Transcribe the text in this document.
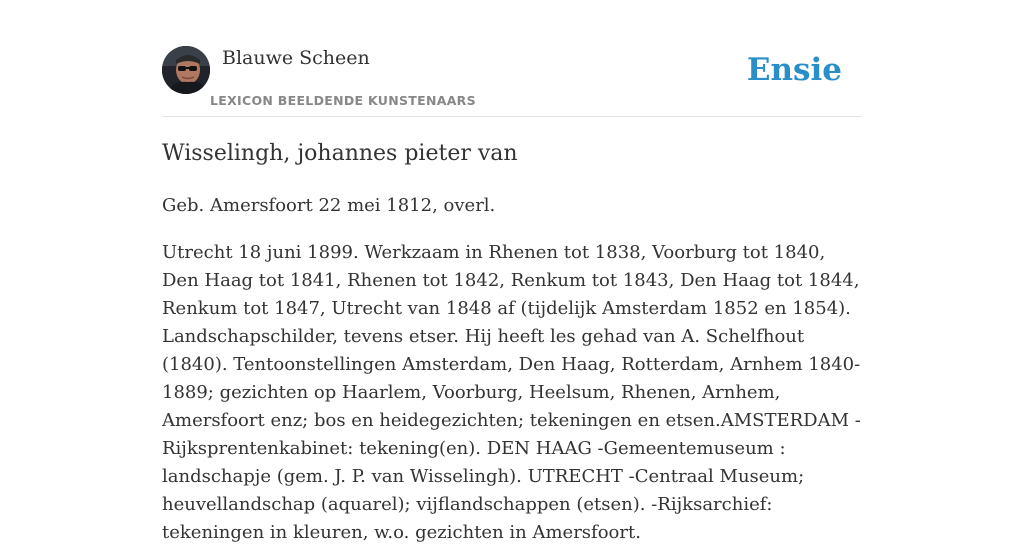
Blauwe Scheen
LEXICON BEELDENDE KUNSTENAARS
Ensie
Wisselingh, johannes pieter van

Geb. Amersfoort 22 mei 1812, overl.

Utrecht 18 juni 1899. Werkzaam in Rhenen tot 1838, Voorburg tot 1840, Den Haag tot 1841, Rhenen tot 1842, Renkum tot 1843, Den Haag tot 1844, Renkum tot 1847, Utrecht van 1848 af (tijdelijk Amsterdam 1852 en 1854). Landschapschilder, tevens etser. Hij heeft les gehad van A. Schelfhout (1840). Tentoonstellingen Amsterdam, Den Haag, Rotterdam, Arnhem 1840-1889; gezichten op Haarlem, Voorburg, Heelsum, Rhenen, Arnhem, Amersfoort enz; bos en heidegezichten; tekeningen en etsen.AMSTERDAM -Rijksprentenkabinet: tekening(en). DEN HAAG -Gemeentemuseum : landschapje (gem. J. P. van Wisselingh). UTRECHT -Centraal Museum; heuvellandschap (aquarel); vijflandschappen (etsen). -Rijksarchief: tekeningen in kleuren, w.o. gezichten in Amersfoort.
